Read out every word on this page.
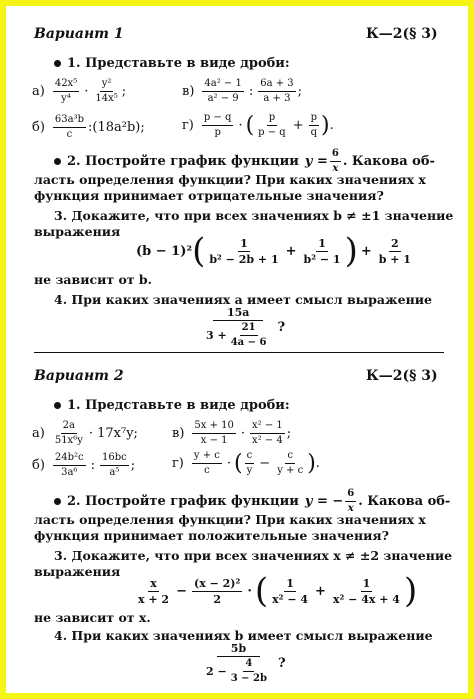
Вариант 1	К—2(§ 3)
1. Представьте в виде дроби:
$а) \frac{\text{42x⁵}}{\text{y⁴}} \cdot \frac{\text{y²}}{\text{14x⁵}}$ ;	$в) \frac{\text{4a² − 1}}{\text{a² − 9}}$ : $\frac{6a + 3}{a + 3}$ ;
$б) \frac{\text{63a³b}}{c}$ :(18a²b);	$г) \frac{p - q}{p}$ · ( $\frac{p}{p - q} + \frac{p}{q}$ ) .
2. Постройте график функции $y = \frac{6}{x}$ . Какова об-
ласть определения функции? При каких значениях x
функция принимает отрицательные значения?
3. Докажите, что при всех значениях b ≠ ±1 значение
выражения
(b − 1)² ( $\frac{1}{\text{b² − 2b + 1}} + \frac{1}{\text{b² − 1}}$ ) + $\frac{2}{b + 1}$
не зависит от b.
4. При каких значениях a имеет смысл выражение
$\frac{15a}{3 + \frac{21}{4a - 6}}$ ?
Вариант 2	К—2(§ 3)
1. Представьте в виде дроби:
$а) \frac{2a}{\text{51x⁶y}} \cdot 17x^7y$;	$в) \frac{5x + 10}{x - 1} \cdot \frac{\text{x² − 1}}{\text{x² − 4}}$ ;
$б) \frac{\text{24b²c}}{\text{3a⁶}}$ : $\frac{16bc}{\text{a⁵}}$ ;	$г) \frac{y + c}{c}$ · ( $\frac{c}{y} - \frac{c}{y + c}$ ) .
2. Постройте график функции y = − $\frac{6}{x}$ . Какова об-
ласть определения функции? При каких значениях x
функция принимает положительные значения?
3. Докажите, что при всех значениях x ≠ ±2 значение
выражения
$\frac{x}{x + 2} - \frac{\text{(x − 2)²}}{2}$ · ( $\frac{1}{\text{x² − 4}} + \frac{1}{\text{x² − 4x + 4}}$ )
не зависит от x.
4. При каких значениях b имеет смысл выражение
$\frac{5b}{2 - \frac{4}{3 - 2b}}$ ?
